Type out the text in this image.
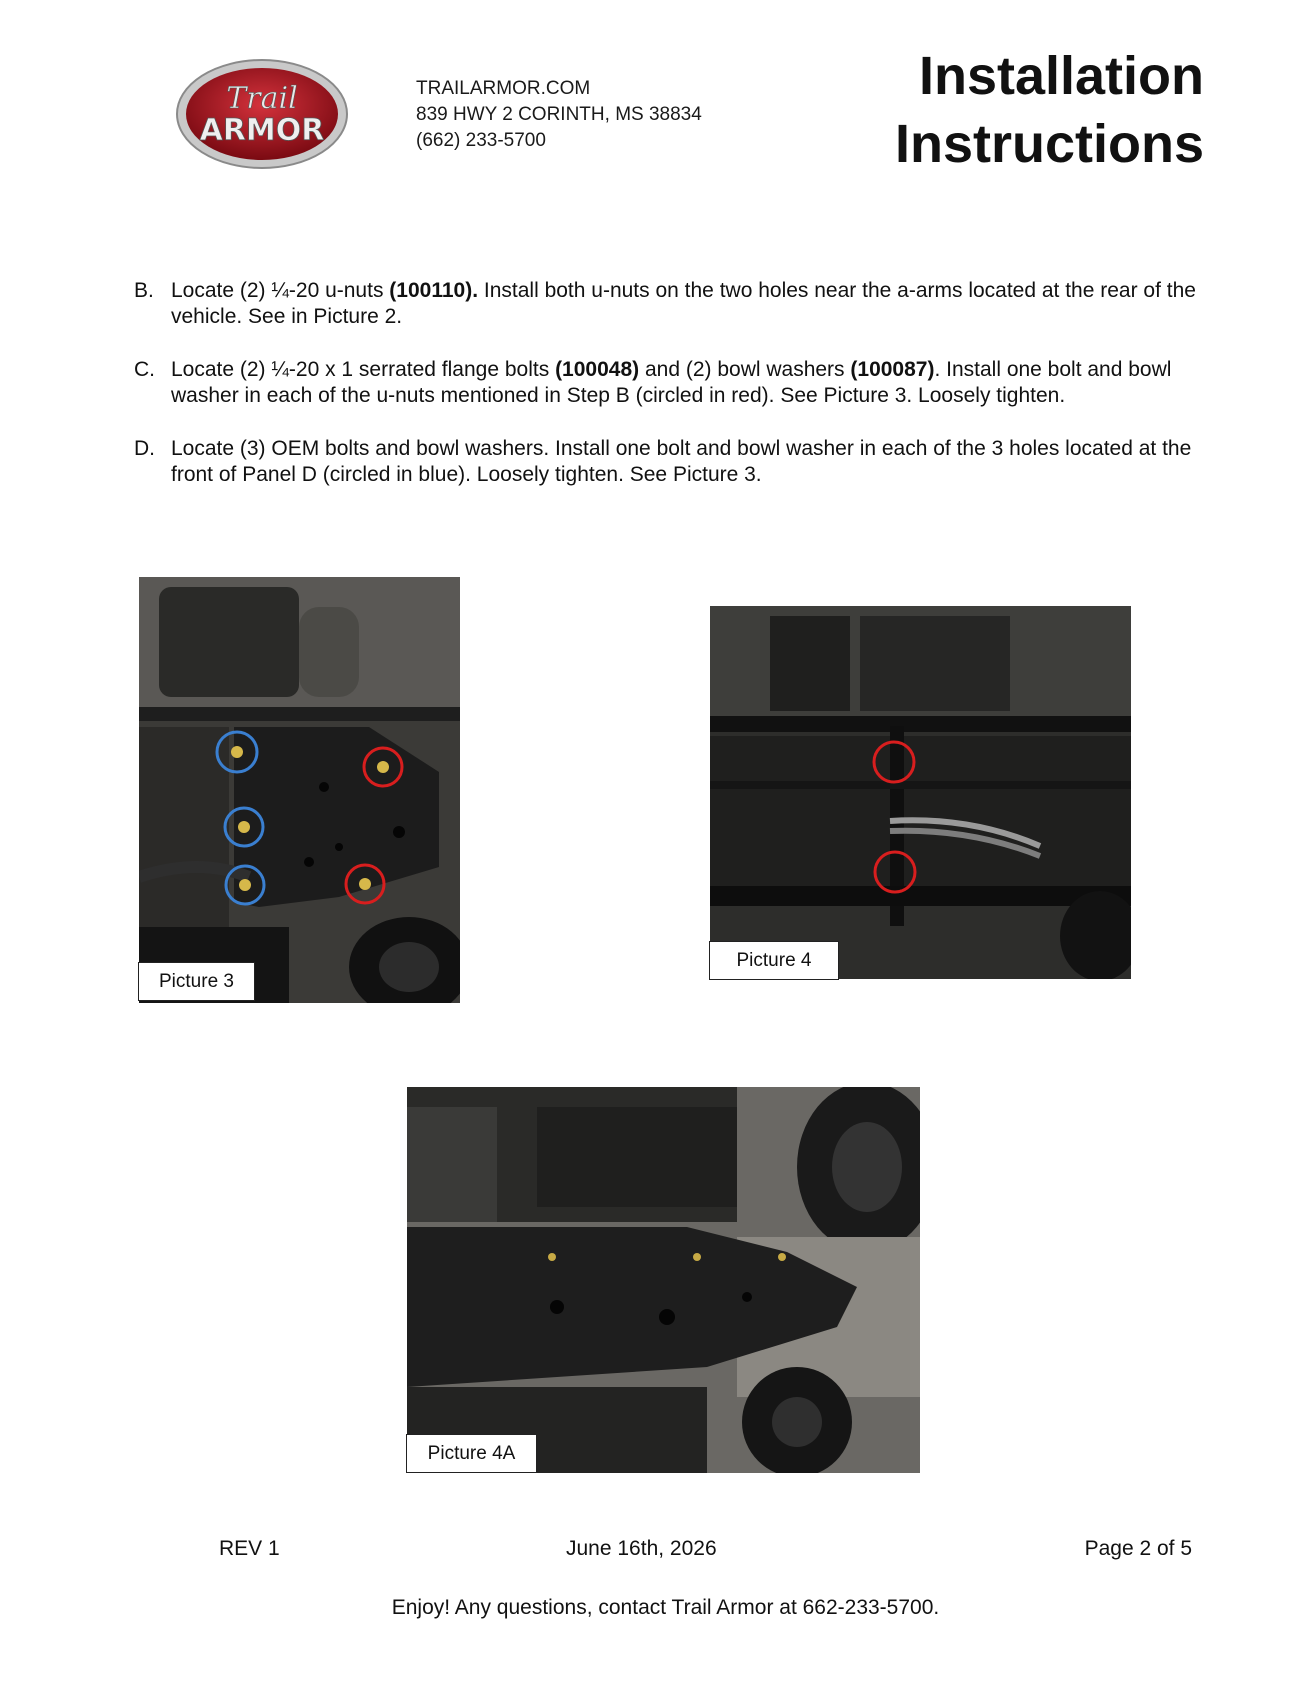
Trail
ARMOR
TRAILARMOR.COM
839 HWY 2 CORINTH, MS 38834
(662) 233-5700
Installation
Instructions
B. Locate (2) ¼-20 u-nuts (100110). Install both u-nuts on the two holes near the a-arms located at the rear of the vehicle. See in Picture 2.
C. Locate (2) ¼-20 x 1 serrated flange bolts (100048) and (2) bowl washers (100087). Install one bolt and bowl washer in each of the u-nuts mentioned in Step B (circled in red). See Picture 3. Loosely tighten.
D. Locate (3) OEM bolts and bowl washers. Install one bolt and bowl washer in each of the 3 holes located at the front of Panel D (circled in blue). Loosely tighten. See Picture 3.
Picture 3
Picture 4
Picture 4A
REV 1	June 16th, 2026	Page 2 of 5
Enjoy! Any questions, contact Trail Armor at 662-233-5700.
